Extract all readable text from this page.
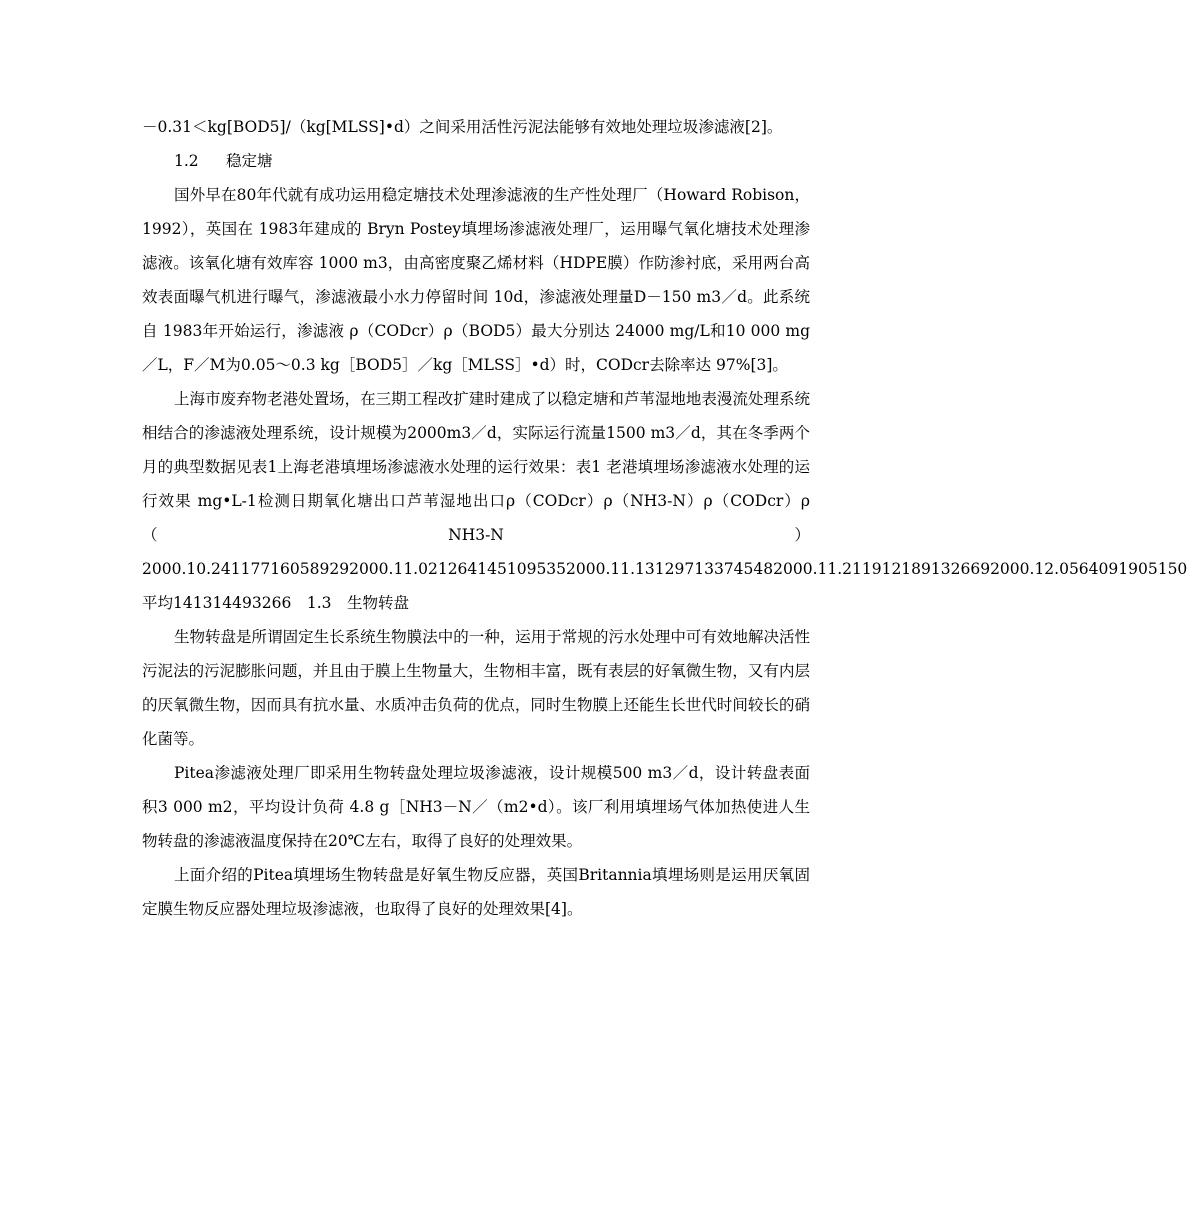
－0.31＜kg[BOD5]/（kg[MLSS]•d）之间采用活性污泥法能够有效地处理垃圾渗滤液[2]。

1.2 稳定塘

国外早在80年代就有成功运用稳定塘技术处理渗滤液的生产性处理厂（Howard Robison，1992），英国在 1983年建成的 Bryn Postey填埋场渗滤液处理厂，运用曝气氧化塘技术处理渗滤液。该氧化塘有效库容 1000 m3，由高密度聚乙烯材料（HDPE膜）作防渗衬底，采用两台高效表面曝气机进行曝气，渗滤液最小水力停留时间 10d，渗滤液处理量D－150 m3／d。此系统自 1983年开始运行，渗滤液 ρ（CODcr）ρ（BOD5）最大分别达 24000 mg/L和10 000 mg／L，F／M为0.05～0.3 kg［BOD5］／kg［MLSS］•d）时，CODcr去除率达 97%[3]。

上海市废弃物老港处置场，在三期工程改扩建时建成了以稳定塘和芦苇湿地地表漫流处理系统相结合的渗滤液处理系统，设计规模为2000m3／d，实际运行流量1500 m3／d，其在冬季两个月的典型数据见表1上海老港填埋场渗滤液水处理的运行效果：表1 老港填埋场渗滤液水处理的运行效果 mg•L-1检测日期氧化塘出口芦苇湿地出口ρ（CODcr）ρ（NH3-N）ρ（CODcr）ρ（NH3-N）2000.10.241177160589292000.11.0212641451095352000.11.131297133745482000.11.2119121891326692000.12.0564091905150平均141314493266　1.3　生物转盘

生物转盘是所谓固定生长系统生物膜法中的一种，运用于常规的污水处理中可有效地解决活性污泥法的污泥膨胀问题，并且由于膜上生物量大，生物相丰富，既有表层的好氧微生物，又有内层的厌氧微生物，因而具有抗水量、水质冲击负荷的优点，同时生物膜上还能生长世代时间较长的硝化菌等。

Pitea渗滤液处理厂即采用生物转盘处理垃圾渗滤液，设计规模500 m3／d，设计转盘表面积3 000 m2，平均设计负荷 4.8 g［NH3－N／（m2•d）。该厂利用填埋场气体加热使进人生物转盘的渗滤液温度保持在20℃左右，取得了良好的处理效果。

上面介绍的Pitea填埋场生物转盘是好氧生物反应器，英国Britannia填埋场则是运用厌氧固定膜生物反应器处理垃圾渗滤液，也取得了良好的处理效果[4]。
